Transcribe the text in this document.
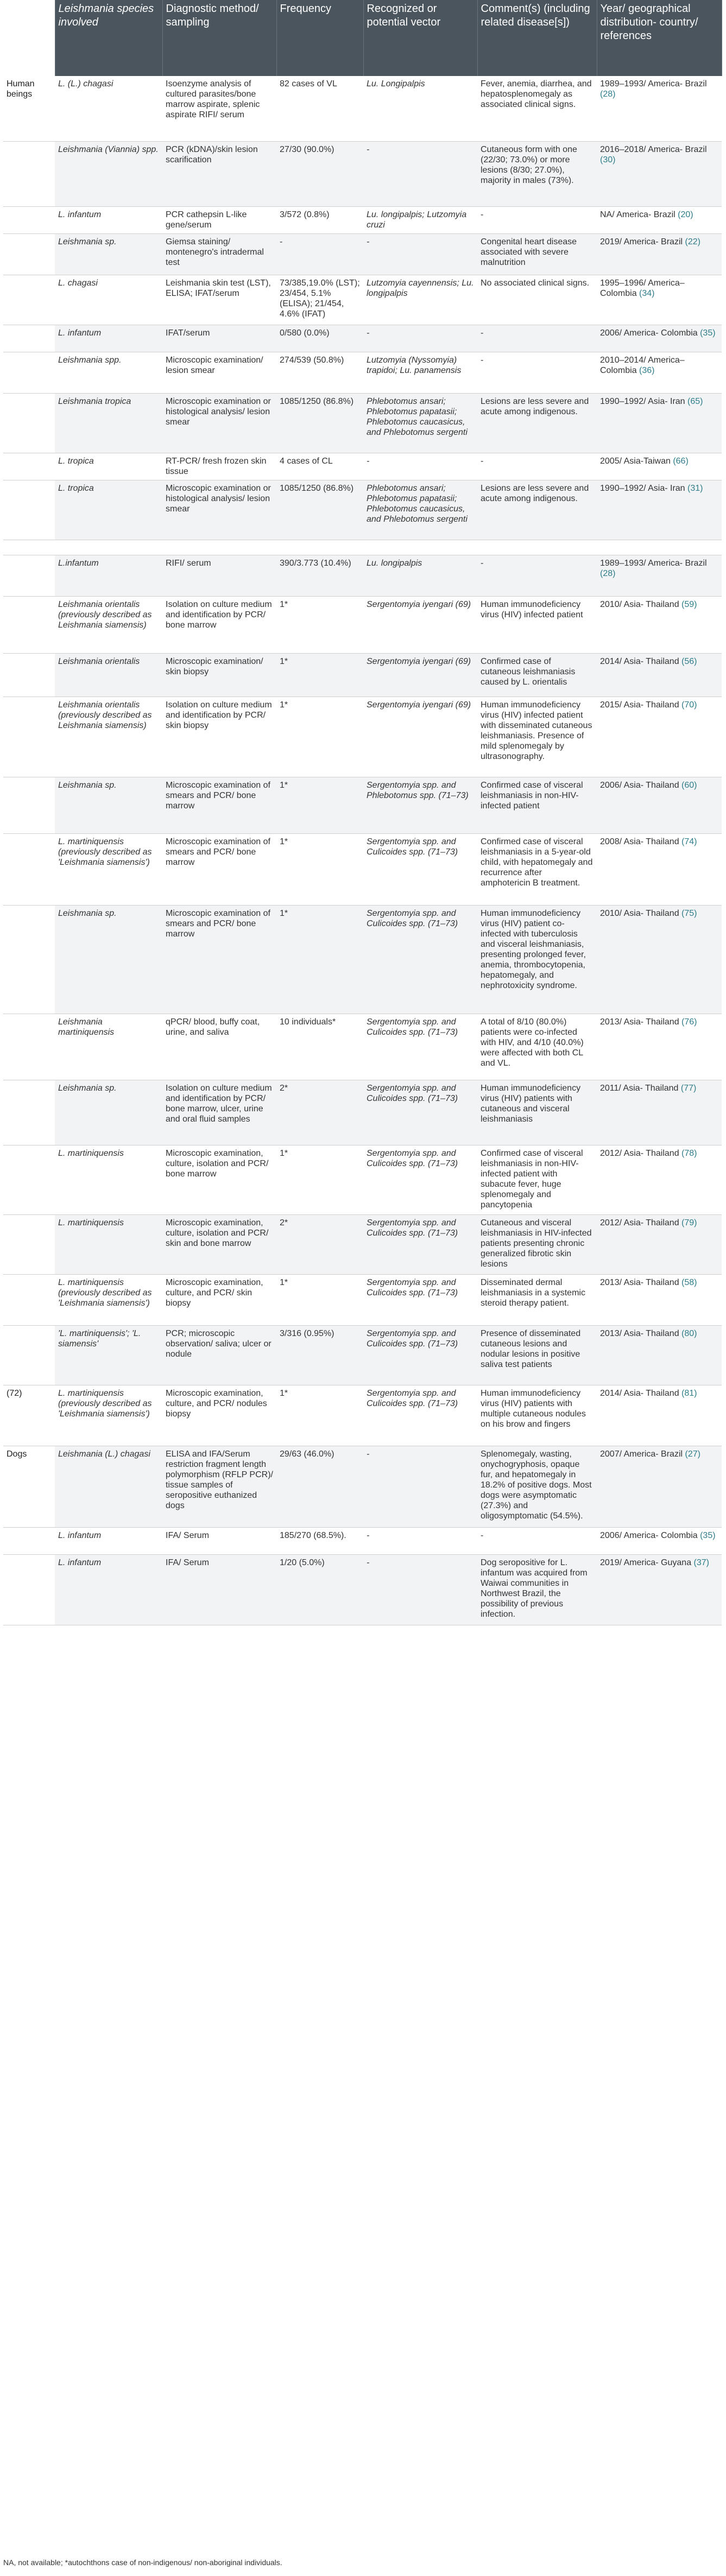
	Leishmania species involved	Diagnostic method/ sampling	Frequency	Recognized or potential vector	Comment(s) (including related disease[s])	Year/ geographical distribution- country/ references
Human beings	L. (L.) chagasi	Isoenzyme analysis of cultured parasites/bone marrow aspirate, splenic aspirate RIFI/ serum	82 cases of VL	Lu. Longipalpis	Fever, anemia, diarrhea, and hepatosplenomegaly as associated clinical signs.	1989–1993/ America- Brazil (28)
	Leishmania (Viannia) spp.	PCR (kDNA)/skin lesion scarification	27/30 (90.0%)	-	Cutaneous form with one (22/30; 73.0%) or more lesions (8/30; 27.0%), majority in males (73%).	2016–2018/ America- Brazil (30)
	L. infantum	PCR cathepsin L-like gene/serum	3/572 (0.8%)	Lu. longipalpis; Lutzomyia cruzi	-	NA/ America- Brazil (20)
	Leishmania sp.	Giemsa staining/ montenegro's intradermal test	-	-	Congenital heart disease associated with severe malnutrition	2019/ America- Brazil (22)
	L. chagasi	Leishmania skin test (LST), ELISA; IFAT/serum	73/385,19.0% (LST); 23/454, 5.1% (ELISA); 21/454, 4.6% (IFAT)	Lutzomyia cayennensis; Lu. longipalpis	No associated clinical signs.	1995–1996/ America– Colombia (34)
	L. infantum	IFAT/serum	0/580 (0.0%)	-	-	2006/ America- Colombia (35)
	Leishmania spp.	Microscopic examination/ lesion smear	274/539 (50.8%)	Lutzomyia (Nyssomyia) trapidoi; Lu. panamensis	-	2010–2014/ America– Colombia (36)
	Leishmania tropica	Microscopic examination or histological analysis/ lesion smear	1085/1250 (86.8%)	Phlebotomus ansari; Phlebotomus papatasii; Phlebotomus caucasicus, and Phlebotomus sergenti	Lesions are less severe and acute among indigenous.	1990–1992/ Asia- Iran (65)
	L. tropica	RT-PCR/ fresh frozen skin tissue	4 cases of CL	-	-	2005/ Asia-Taiwan (66)
	L. tropica	Microscopic examination or histological analysis/ lesion smear	1085/1250 (86.8%)	Phlebotomus ansari; Phlebotomus papatasii; Phlebotomus caucasicus, and Phlebotomus sergenti	Lesions are less severe and acute among indigenous.	1990–1992/ Asia- Iran (31)

	L.infantum	RIFI/ serum	390/3.773 (10.4%)	Lu. longipalpis	-	1989–1993/ America- Brazil (28)
	Leishmania orientalis (previously described as Leishmania siamensis)	Isolation on culture medium and identification by PCR/ bone marrow	1*	Sergentomyia iyengari (69)	Human immunodeficiency virus (HIV) infected patient	2010/ Asia- Thailand (59)
	Leishmania orientalis	Microscopic examination/ skin biopsy	1*	Sergentomyia iyengari (69)	Confirmed case of cutaneous leishmaniasis caused by L. orientalis	2014/ Asia- Thailand (56)
	Leishmania orientalis (previously described as Leishmania siamensis)	Isolation on culture medium and identification by PCR/ skin biopsy	1*	Sergentomyia iyengari (69)	Human immunodeficiency virus (HIV) infected patient with disseminated cutaneous leishmaniasis. Presence of mild splenomegaly by ultrasonography.	2015/ Asia- Thailand (70)
	Leishmania sp.	Microscopic examination of smears and PCR/ bone marrow	1*	Sergentomyia spp. and Phlebotomus spp. (71–73)	Confirmed case of visceral leishmaniasis in non-HIV-infected patient	2006/ Asia- Thailand (60)
	L. martiniquensis (previously described as 'Leishmania siamensis')	Microscopic examination of smears and PCR/ bone marrow	1*	Sergentomyia spp. and Culicoides spp. (71–73)	Confirmed case of visceral leishmaniasis in a 5-year-old child, with hepatomegaly and recurrence after amphotericin B treatment.	2008/ Asia- Thailand (74)
	Leishmania sp.	Microscopic examination of smears and PCR/ bone marrow	1*	Sergentomyia spp. and Culicoides spp. (71–73)	Human immunodeficiency virus (HIV) patient co-infected with tuberculosis and visceral leishmaniasis, presenting prolonged fever, anemia, thrombocytopenia, hepatomegaly, and nephrotoxicity syndrome.	2010/ Asia- Thailand (75)
	Leishmania martiniquensis	qPCR/ blood, buffy coat, urine, and saliva	10 individuals*	Sergentomyia spp. and Culicoides spp. (71–73)	A total of 8/10 (80.0%) patients were co-infected with HIV, and 4/10 (40.0%) were affected with both CL and VL.	2013/ Asia- Thailand (76)
	Leishmania sp.	Isolation on culture medium and identification by PCR/ bone marrow, ulcer, urine and oral fluid samples	2*	Sergentomyia spp. and Culicoides spp. (71–73)	Human immunodeficiency virus (HIV) patients with cutaneous and visceral leishmaniasis	2011/ Asia- Thailand (77)
	L. martiniquensis	Microscopic examination, culture, isolation and PCR/ bone marrow	1*	Sergentomyia spp. and Culicoides spp. (71–73)	Confirmed case of visceral leishmaniasis in non-HIV-infected patient with subacute fever, huge splenomegaly and pancytopenia	2012/ Asia- Thailand (78)
	L. martiniquensis	Microscopic examination, culture, isolation and PCR/ skin and bone marrow	2*	Sergentomyia spp. and Culicoides spp. (71–73)	Cutaneous and visceral leishmaniasis in HIV-infected patients presenting chronic generalized fibrotic skin lesions	2012/ Asia- Thailand (79)
	L. martiniquensis (previously described as 'Leishmania siamensis')	Microscopic examination, culture, and PCR/ skin biopsy	1*	Sergentomyia spp. and Culicoides spp. (71–73)	Disseminated dermal leishmaniasis in a systemic steroid therapy patient.	2013/ Asia- Thailand (58)
	'L. martiniquensis'; 'L. siamensis'	PCR; microscopic observation/ saliva; ulcer or nodule	3/316 (0.95%)	Sergentomyia spp. and Culicoides spp. (71–73)	Presence of disseminated cutaneous lesions and nodular lesions in positive saliva test patients	2013/ Asia- Thailand (80)
(72)	L. martiniquensis (previously described as 'Leishmania siamensis')	Microscopic examination, culture, and PCR/ nodules biopsy	1*	Sergentomyia spp. and Culicoides spp. (71–73)	Human immunodeficiency virus (HIV) patients with multiple cutaneous nodules on his brow and fingers	2014/ Asia- Thailand (81)
Dogs	Leishmania (L.) chagasi	ELISA and IFA/Serum restriction fragment length polymorphism (RFLP PCR)/ tissue samples of seropositive euthanized dogs	29/63 (46.0%)	-	Splenomegaly, wasting, onychogryphosis, opaque fur, and hepatomegaly in 18.2% of positive dogs. Most dogs were asymptomatic (27.3%) and oligosymptomatic (54.5%).	2007/ America- Brazil (27)
	L. infantum	IFA/ Serum	185/270 (68.5%).	-	-	2006/ America- Colombia (35)
	L. infantum	IFA/ Serum	1/20 (5.0%)	-	Dog seropositive for L. infantum was acquired from Waiwai communities in Northwest Brazil, the possibility of previous infection.	2019/ America- Guyana (37)
NA, not available; *autochthons case of non-indigenous/ non-aboriginal individuals.
